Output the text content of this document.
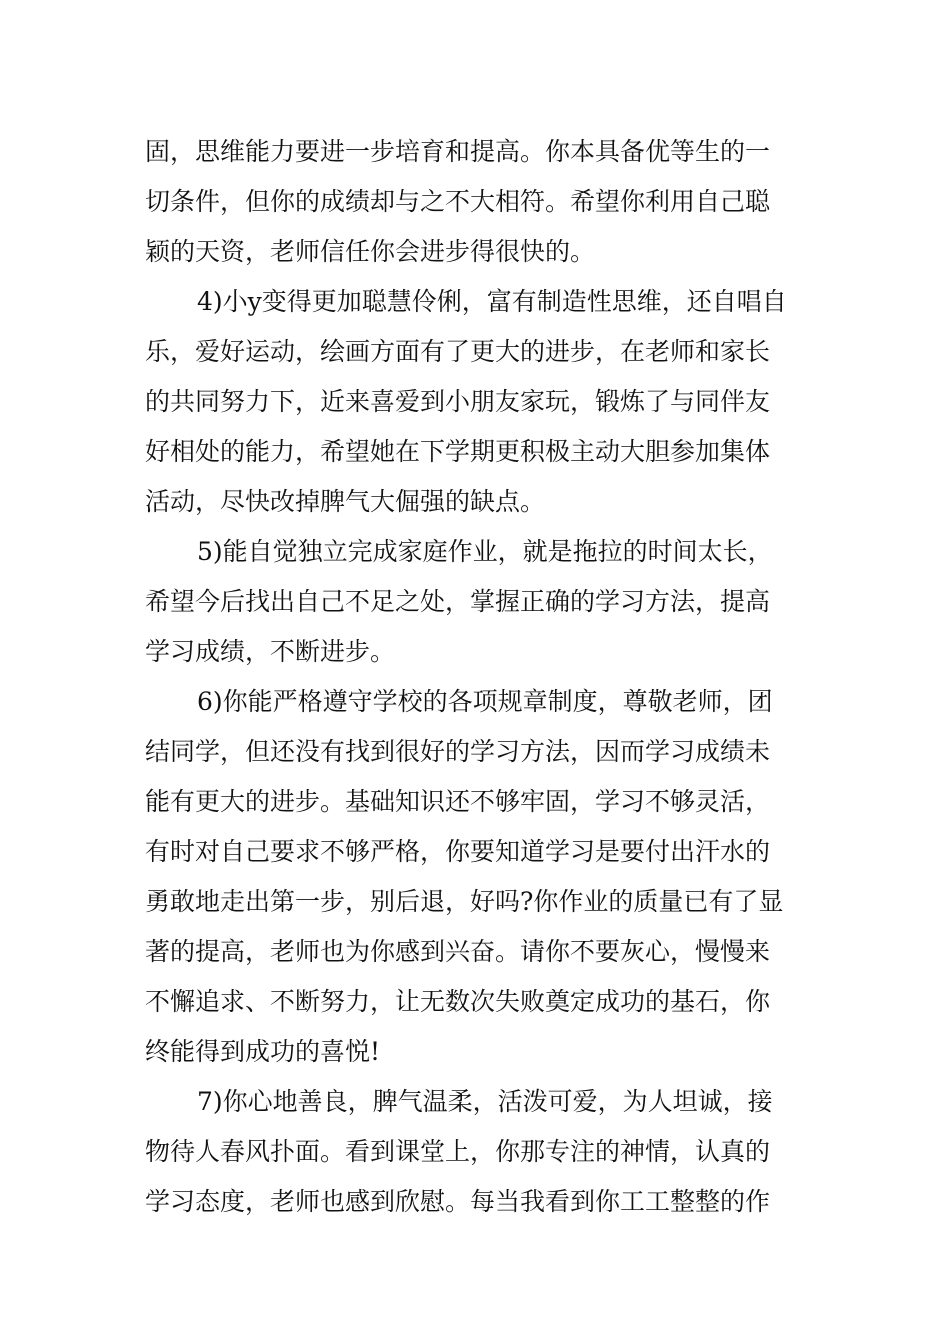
固，思维能力要进一步培育和提高。你本具备优等生的一
切条件，但你的成绩却与之不大相符。希望你利用自己聪
颖的天资，老师信任你会进步得很快的。
4)小y变得更加聪慧伶俐，富有制造性思维，还自唱自
乐，爱好运动，绘画方面有了更大的进步，在老师和家长
的共同努力下，近来喜爱到小朋友家玩，锻炼了与同伴友
好相处的能力，希望她在下学期更积极主动大胆参加集体
活动，尽快改掉脾气大倔强的缺点。
5)能自觉独立完成家庭作业，就是拖拉的时间太长，
希望今后找出自己不足之处，掌握正确的学习方法，提高
学习成绩，不断进步。
6)你能严格遵守学校的各项规章制度，尊敬老师，团
结同学，但还没有找到很好的学习方法，因而学习成绩未
能有更大的进步。基础知识还不够牢固，学习不够灵活，
有时对自己要求不够严格，你要知道学习是要付出汗水的
勇敢地走出第一步，别后退，好吗?你作业的质量已有了显
著的提高，老师也为你感到兴奋。请你不要灰心，慢慢来
不懈追求、不断努力，让无数次失败奠定成功的基石，你
终能得到成功的喜悦!
7)你心地善良，脾气温柔，活泼可爱，为人坦诚，接
物待人春风扑面。看到课堂上，你那专注的神情，认真的
学习态度，老师也感到欣慰。每当我看到你工工整整的作
